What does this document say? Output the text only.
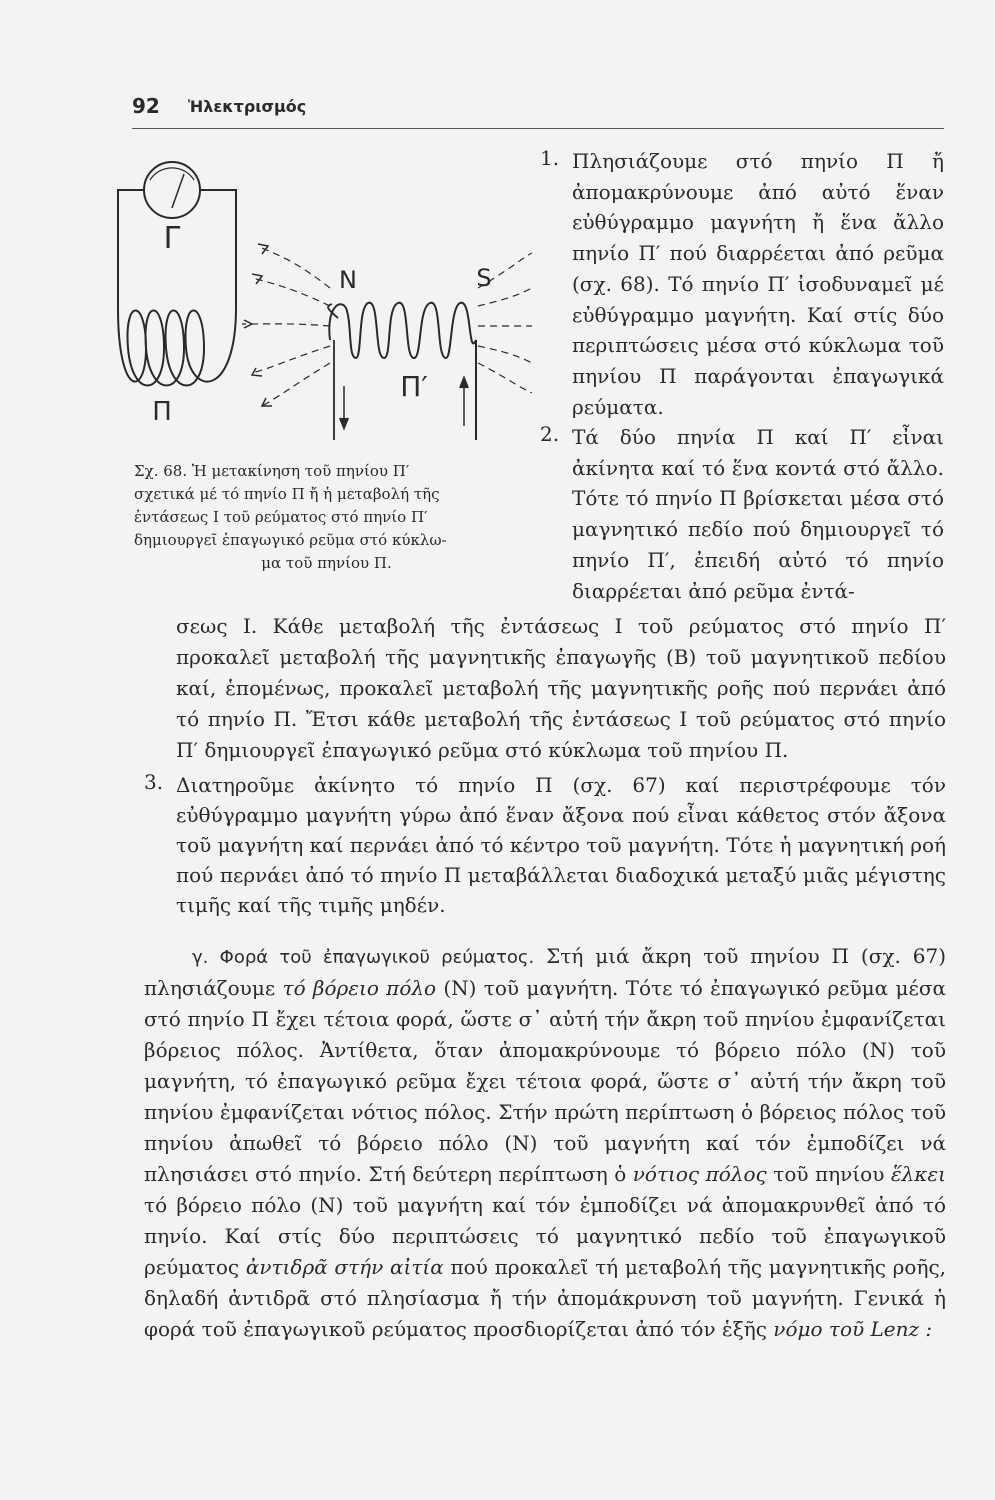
92 Ἡλεκτρισμός
Γ
Π
N	S
Π′
Σχ. 68. Ἡ μετακίνηση τοῦ πηνίου Π′
σχετικά μέ τό πηνίο Π ἤ ἡ μεταβολή τῆς
ἐντάσεως Ι τοῦ ρεύματος στό πηνίο Π′
δημιουργεῖ ἐπαγωγικό ρεῦμα στό κύκλω-

μα τοῦ πηνίου Π.
1. Πλησιάζουμε στό πηνίο Π ἤ ἀπομακρύνουμε ἀπό αὐτό ἕναν εὐθύγραμμο μαγνήτη ἤ ἕνα ἄλλο πηνίο Π′ πού διαρρέεται ἀπό ρεῦμα (σχ. 68). Τό πηνίο Π′ ἰσοδυναμεῖ μέ εὐθύγραμμο μαγνήτη. Καί στίς δύο περιπτώσεις μέσα στό κύκλωμα τοῦ πηνίου Π παράγονται ἐπαγωγικά ρεύματα.
2. Τά δύο πηνία Π καί Π′ εἶναι ἀκίνητα καί τό ἕνα κοντά στό ἄλλο. Τότε τό πηνίο Π βρίσκεται μέσα στό μαγνητικό πεδίο πού δημιουργεῖ τό πηνίο Π′, ἐπειδή αὐτό τό πηνίο διαρρέεται ἀπό ρεῦμα ἐντά-
σεως Ι. Κάθε μεταβολή τῆς ἐντάσεως Ι τοῦ ρεύματος στό πηνίο Π′ προκαλεῖ μεταβολή τῆς μαγνητικῆς ἐπαγωγῆς (Β) τοῦ μαγνητικοῦ πεδίου καί, ἑπομένως, προκαλεῖ μεταβολή τῆς μαγνητικῆς ροῆς πού περνάει ἀπό τό πηνίο Π. Ἔτσι κάθε μεταβολή τῆς ἐντάσεως Ι τοῦ ρεύματος στό πηνίο Π′ δημιουργεῖ ἐπαγωγικό ρεῦμα στό κύκλωμα τοῦ πηνίου Π.
3. Διατηροῦμε ἀκίνητο τό πηνίο Π (σχ. 67) καί περιστρέφουμε τόν εὐθύγραμμο μαγνήτη γύρω ἀπό ἕναν ἄξονα πού εἶναι κάθετος στόν ἄξονα τοῦ μαγνήτη καί περνάει ἀπό τό κέντρο τοῦ μαγνήτη. Τότε ἡ μαγνητική ροή πού περνάει ἀπό τό πηνίο Π μεταβάλλεται διαδοχικά μεταξύ μιᾶς μέγιστης τιμῆς καί τῆς τιμῆς μηδέν.
γ. Φορά τοῦ ἐπαγωγικοῦ ρεύματος. Στή μιά ἄκρη τοῦ πηνίου Π (σχ. 67) πλησιάζουμε τό βόρειο πόλο (Ν) τοῦ μαγνήτη. Τότε τό ἐπαγωγικό ρεῦμα μέσα στό πηνίο Π ἔχει τέτοια φορά, ὥστε σ᾽ αὐτή τήν ἄκρη τοῦ πηνίου ἐμφανίζεται βόρειος πόλος. Ἀντίθετα, ὅταν ἀπομακρύνουμε τό βόρειο πόλο (Ν) τοῦ μαγνήτη, τό ἐπαγωγικό ρεῦμα ἔχει τέτοια φορά, ὥστε σ᾽ αὐτή τήν ἄκρη τοῦ πηνίου ἐμφανίζεται νότιος πόλος. Στήν πρώτη περίπτωση ὁ βόρειος πόλος τοῦ πηνίου ἀπωθεῖ τό βόρειο πόλο (Ν) τοῦ μαγνήτη καί τόν ἐμποδίζει νά πλησιάσει στό πηνίο. Στή δεύτερη περίπτωση ὁ νότιος πόλος τοῦ πηνίου ἕλκει τό βόρειο πόλο (Ν) τοῦ μαγνήτη καί τόν ἐμποδίζει νά ἀπομακρυνθεῖ ἀπό τό πηνίο. Καί στίς δύο περιπτώσεις τό μαγνητικό πεδίο τοῦ ἐπαγωγικοῦ ρεύματος ἀντιδρᾶ στήν αἰτία πού προκαλεῖ τή μεταβολή τῆς μαγνητικῆς ροῆς, δηλαδή ἀντιδρᾶ στό πλησίασμα ἤ τήν ἀπομάκρυνση τοῦ μαγνήτη. Γενικά ἡ φορά τοῦ ἐπαγωγικοῦ ρεύματος προσδιορίζεται ἀπό τόν ἑξῆς νόμο τοῦ Lenz :
